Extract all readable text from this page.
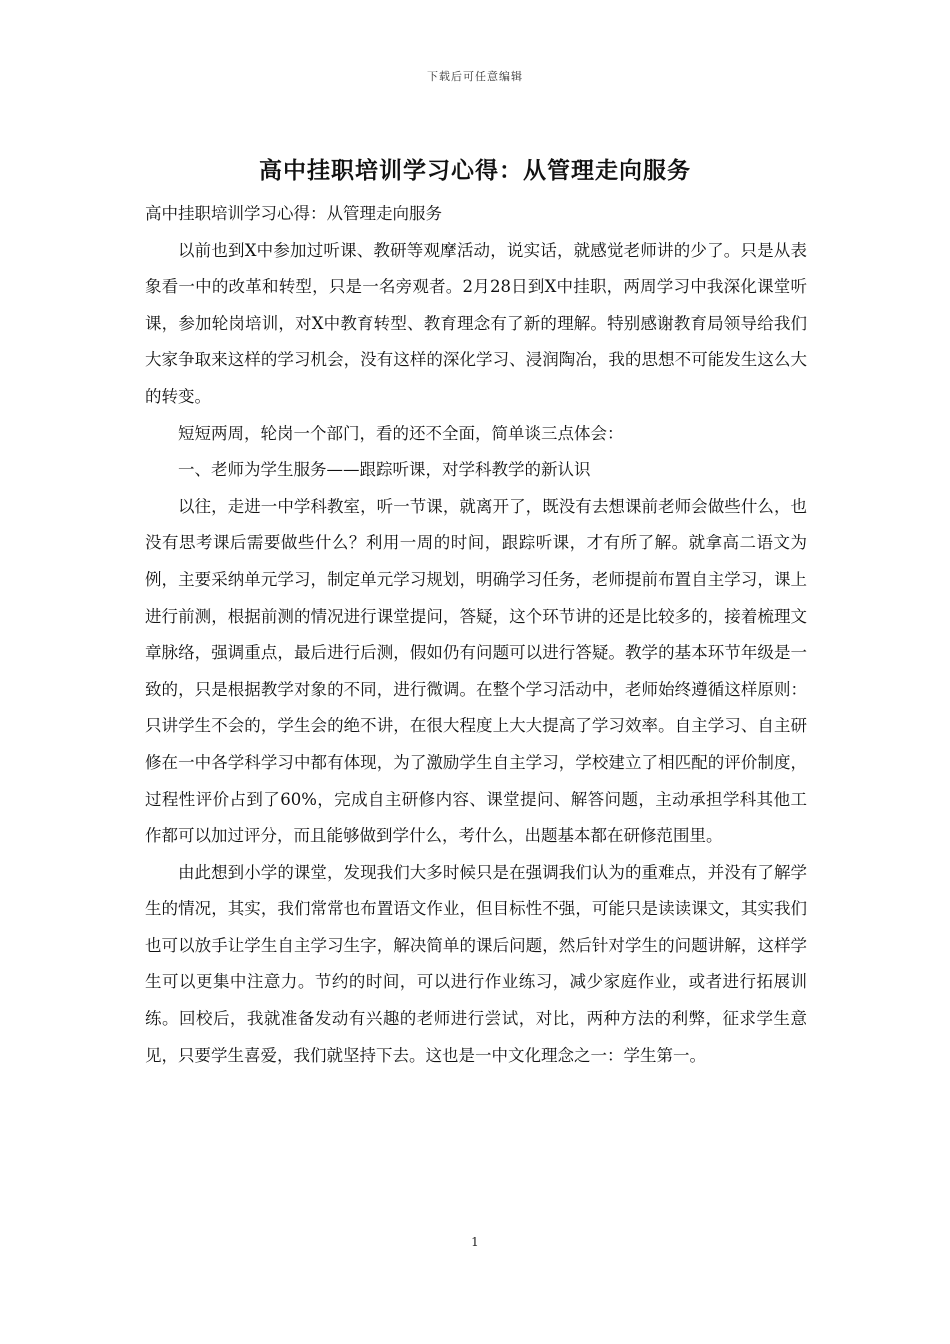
下载后可任意编辑
高中挂职培训学习心得：从管理走向服务

高中挂职培训学习心得：从管理走向服务

以前也到X中参加过听课、教研等观摩活动，说实话，就感觉老师讲的少了。只是从表象看一中的改革和转型，只是一名旁观者。2月28日到X中挂职，两周学习中我深化课堂听课，参加轮岗培训，对X中教育转型、教育理念有了新的理解。特别感谢教育局领导给我们大家争取来这样的学习机会，没有这样的深化学习、浸润陶冶，我的思想不可能发生这么大的转变。

短短两周，轮岗一个部门，看的还不全面，简单谈三点体会：

一、老师为学生服务——跟踪听课，对学科教学的新认识

以往，走进一中学科教室，听一节课，就离开了，既没有去想课前老师会做些什么，也没有思考课后需要做些什么？利用一周的时间，跟踪听课，才有所了解。就拿高二语文为例，主要采纳单元学习，制定单元学习规划，明确学习任务，老师提前布置自主学习，课上进行前测，根据前测的情况进行课堂提问，答疑，这个环节讲的还是比较多的，接着梳理文章脉络，强调重点，最后进行后测，假如仍有问题可以进行答疑。教学的基本环节年级是一致的，只是根据教学对象的不同，进行微调。在整个学习活动中，老师始终遵循这样原则：只讲学生不会的，学生会的绝不讲，在很大程度上大大提高了学习效率。自主学习、自主研修在一中各学科学习中都有体现，为了激励学生自主学习，学校建立了相匹配的评价制度，过程性评价占到了60%，完成自主研修内容、课堂提问、解答问题，主动承担学科其他工作都可以加过评分，而且能够做到学什么，考什么，出题基本都在研修范围里。

由此想到小学的课堂，发现我们大多时候只是在强调我们认为的重难点，并没有了解学生的情况，其实，我们常常也布置语文作业，但目标性不强，可能只是读读课文，其实我们也可以放手让学生自主学习生字，解决简单的课后问题，然后针对学生的问题讲解，这样学生可以更集中注意力。节约的时间，可以进行作业练习，减少家庭作业，或者进行拓展训练。回校后，我就准备发动有兴趣的老师进行尝试，对比，两种方法的利弊，征求学生意见，只要学生喜爱，我们就坚持下去。这也是一中文化理念之一：学生第一。

1
